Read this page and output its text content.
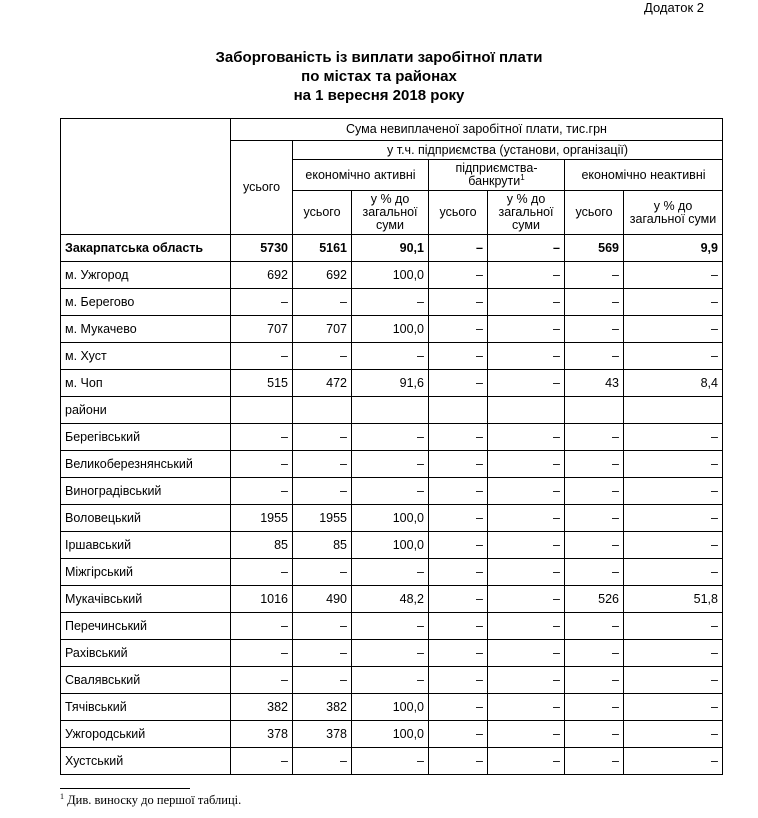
Додаток 2
Заборгованість із виплати заробітної плати
по містах та районах
на 1 вересня 2018 року
	Сума невиплаченої заробітної плати, тис.грн						
	усього	у т.ч. підприємства (установи, організації)					
		економічно активні		підприємства-банкрути$^1$		економічно неактивні	
		усього	у % до загальної суми	усього	у % до загальної суми	усього	у % до загальної суми
Закарпатська область	5730	5161	90,1	–	–	569	9,9
м. Ужгород	692	692	100,0	–	–	–	–
м. Берегово	–	–	–	–	–	–	–
м. Мукачево	707	707	100,0	–	–	–	–
м. Хуст	–	–	–	–	–	–	–
м. Чоп	515	472	91,6	–	–	43	8,4
райони							
Берегівський	–	–	–	–	–	–	–
Великоберезнянський	–	–	–	–	–	–	–
Виноградівський	–	–	–	–	–	–	–
Воловецький	1955	1955	100,0	–	–	–	–
Іршавський	85	85	100,0	–	–	–	–
Міжгірський	–	–	–	–	–	–	–
Мукачівський	1016	490	48,2	–	–	526	51,8
Перечинський	–	–	–	–	–	–	–
Рахівський	–	–	–	–	–	–	–
Свалявський	–	–	–	–	–	–	–
Тячівський	382	382	100,0	–	–	–	–
Ужгородський	378	378	100,0	–	–	–	–
Хустський	–	–	–	–	–	–	–
$^1$ Див. виноску до першої таблиці.
